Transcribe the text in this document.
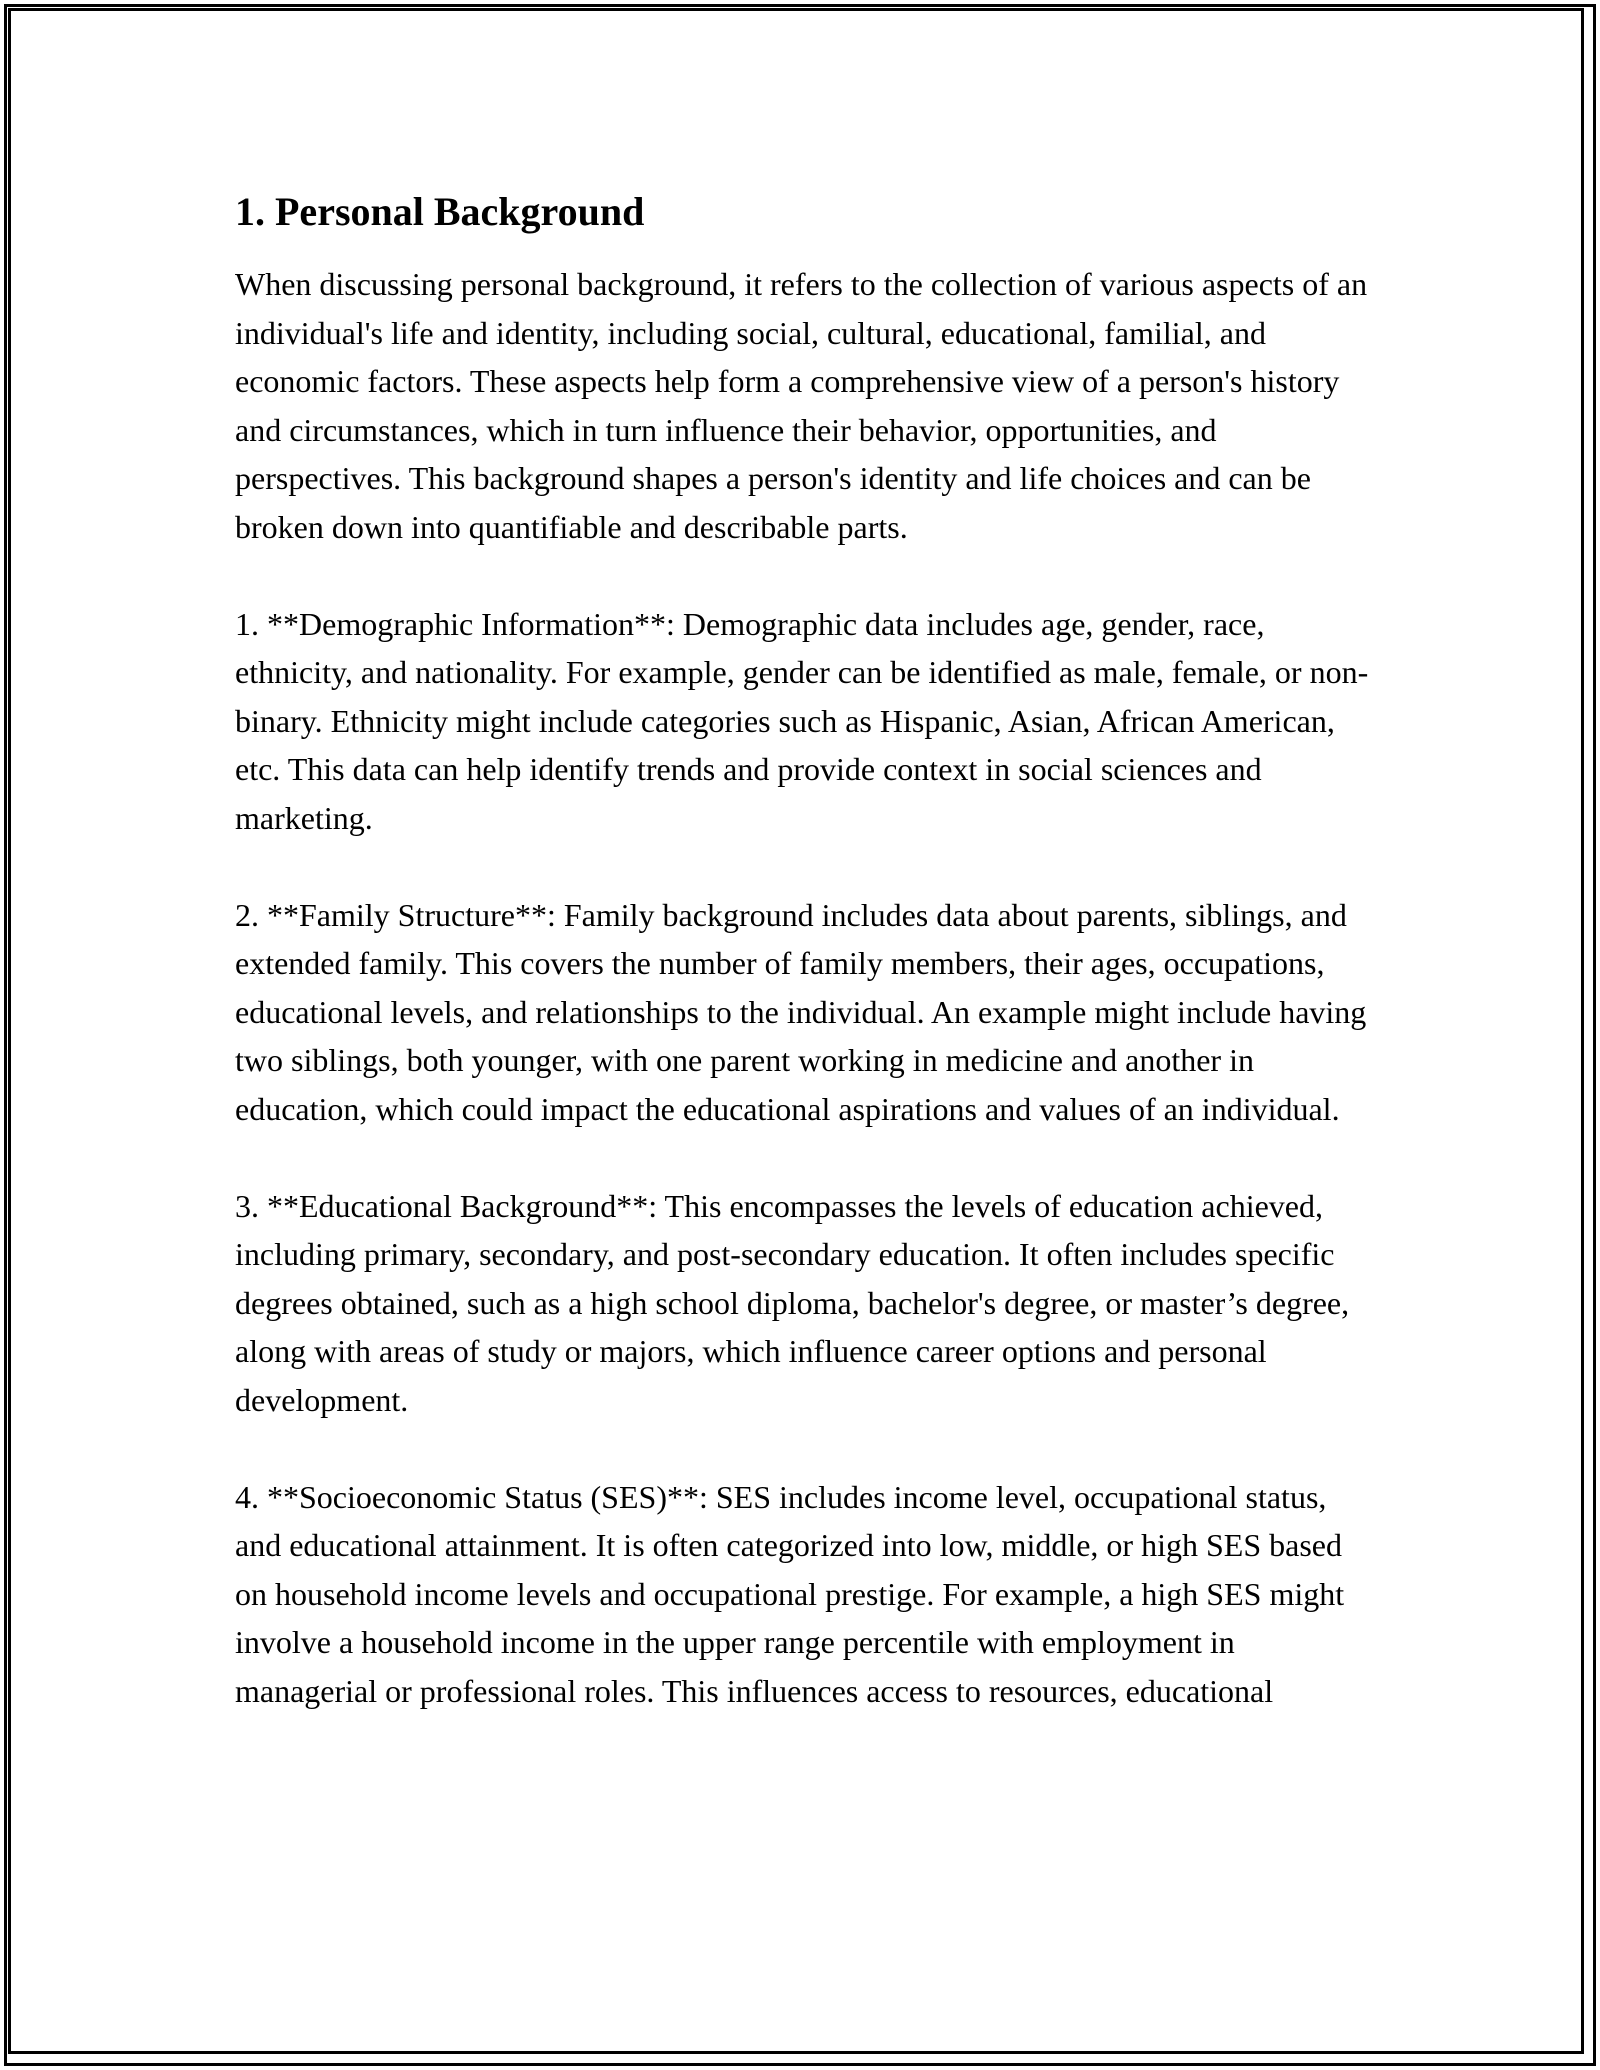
1. Personal Background

When discussing personal background, it refers to the collection of various aspects of an individual's life and identity, including social, cultural, educational, familial, and economic factors. These aspects help form a comprehensive view of a person's history and circumstances, which in turn influence their behavior, opportunities, and perspectives. This background shapes a person's identity and life choices and can be broken down into quantifiable and describable parts.

1. **Demographic Information**: Demographic data includes age, gender, race, ethnicity, and nationality. For example, gender can be identified as male, female, or non-binary. Ethnicity might include categories such as Hispanic, Asian, African American, etc. This data can help identify trends and provide context in social sciences and marketing.

2. **Family Structure**: Family background includes data about parents, siblings, and extended family. This covers the number of family members, their ages, occupations, educational levels, and relationships to the individual. An example might include having two siblings, both younger, with one parent working in medicine and another in education, which could impact the educational aspirations and values of an individual.

3. **Educational Background**: This encompasses the levels of education achieved, including primary, secondary, and post-secondary education. It often includes specific degrees obtained, such as a high school diploma, bachelor's degree, or master’s degree, along with areas of study or majors, which influence career options and personal development.

4. **Socioeconomic Status (SES)**: SES includes income level, occupational status, and educational attainment. It is often categorized into low, middle, or high SES based on household income levels and occupational prestige. For example, a high SES might involve a household income in the upper range percentile with employment in managerial or professional roles. This influences access to resources, educational
